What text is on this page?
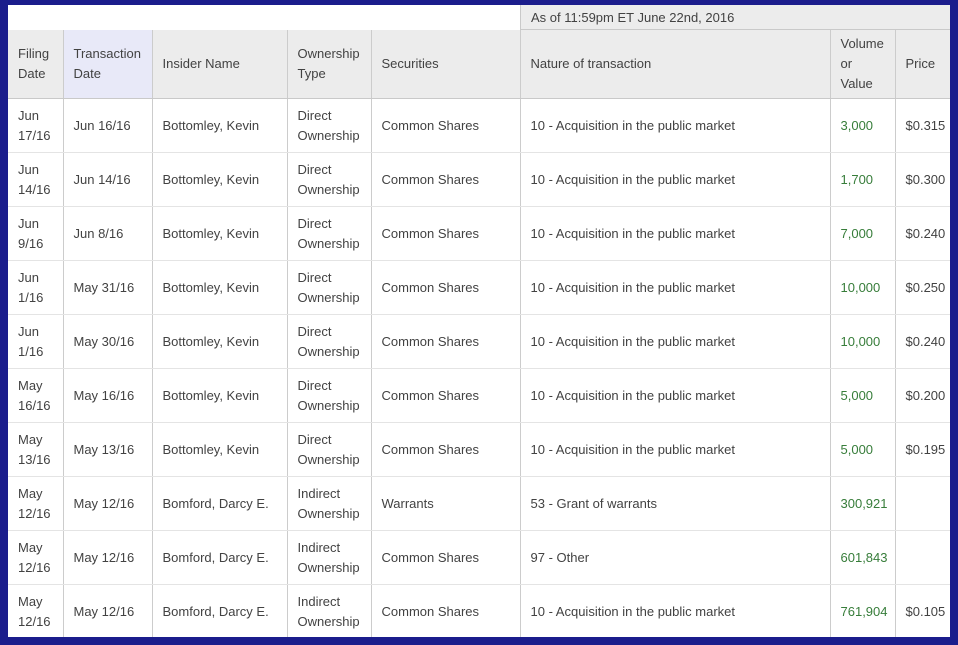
As of 11:59pm ET June 22nd, 2016
Filing Date	Transaction Date	Insider Name	Ownership Type	Securities	Nature of transaction	Volume or Value	Price
Jun 17/16	Jun 16/16	Bottomley, Kevin	Direct Ownership	Common Shares	10 - Acquisition in the public market	3,000	$0.315
Jun 14/16	Jun 14/16	Bottomley, Kevin	Direct Ownership	Common Shares	10 - Acquisition in the public market	1,700	$0.300
Jun 9/16	Jun 8/16	Bottomley, Kevin	Direct Ownership	Common Shares	10 - Acquisition in the public market	7,000	$0.240
Jun 1/16	May 31/16	Bottomley, Kevin	Direct Ownership	Common Shares	10 - Acquisition in the public market	10,000	$0.250
Jun 1/16	May 30/16	Bottomley, Kevin	Direct Ownership	Common Shares	10 - Acquisition in the public market	10,000	$0.240
May 16/16	May 16/16	Bottomley, Kevin	Direct Ownership	Common Shares	10 - Acquisition in the public market	5,000	$0.200
May 13/16	May 13/16	Bottomley, Kevin	Direct Ownership	Common Shares	10 - Acquisition in the public market	5,000	$0.195
May 12/16	May 12/16	Bomford, Darcy E.	Indirect Ownership	Warrants	53 - Grant of warrants	300,921	
May 12/16	May 12/16	Bomford, Darcy E.	Indirect Ownership	Common Shares	97 - Other	601,843	
May 12/16	May 12/16	Bomford, Darcy E.	Indirect Ownership	Common Shares	10 - Acquisition in the public market	761,904	$0.105
